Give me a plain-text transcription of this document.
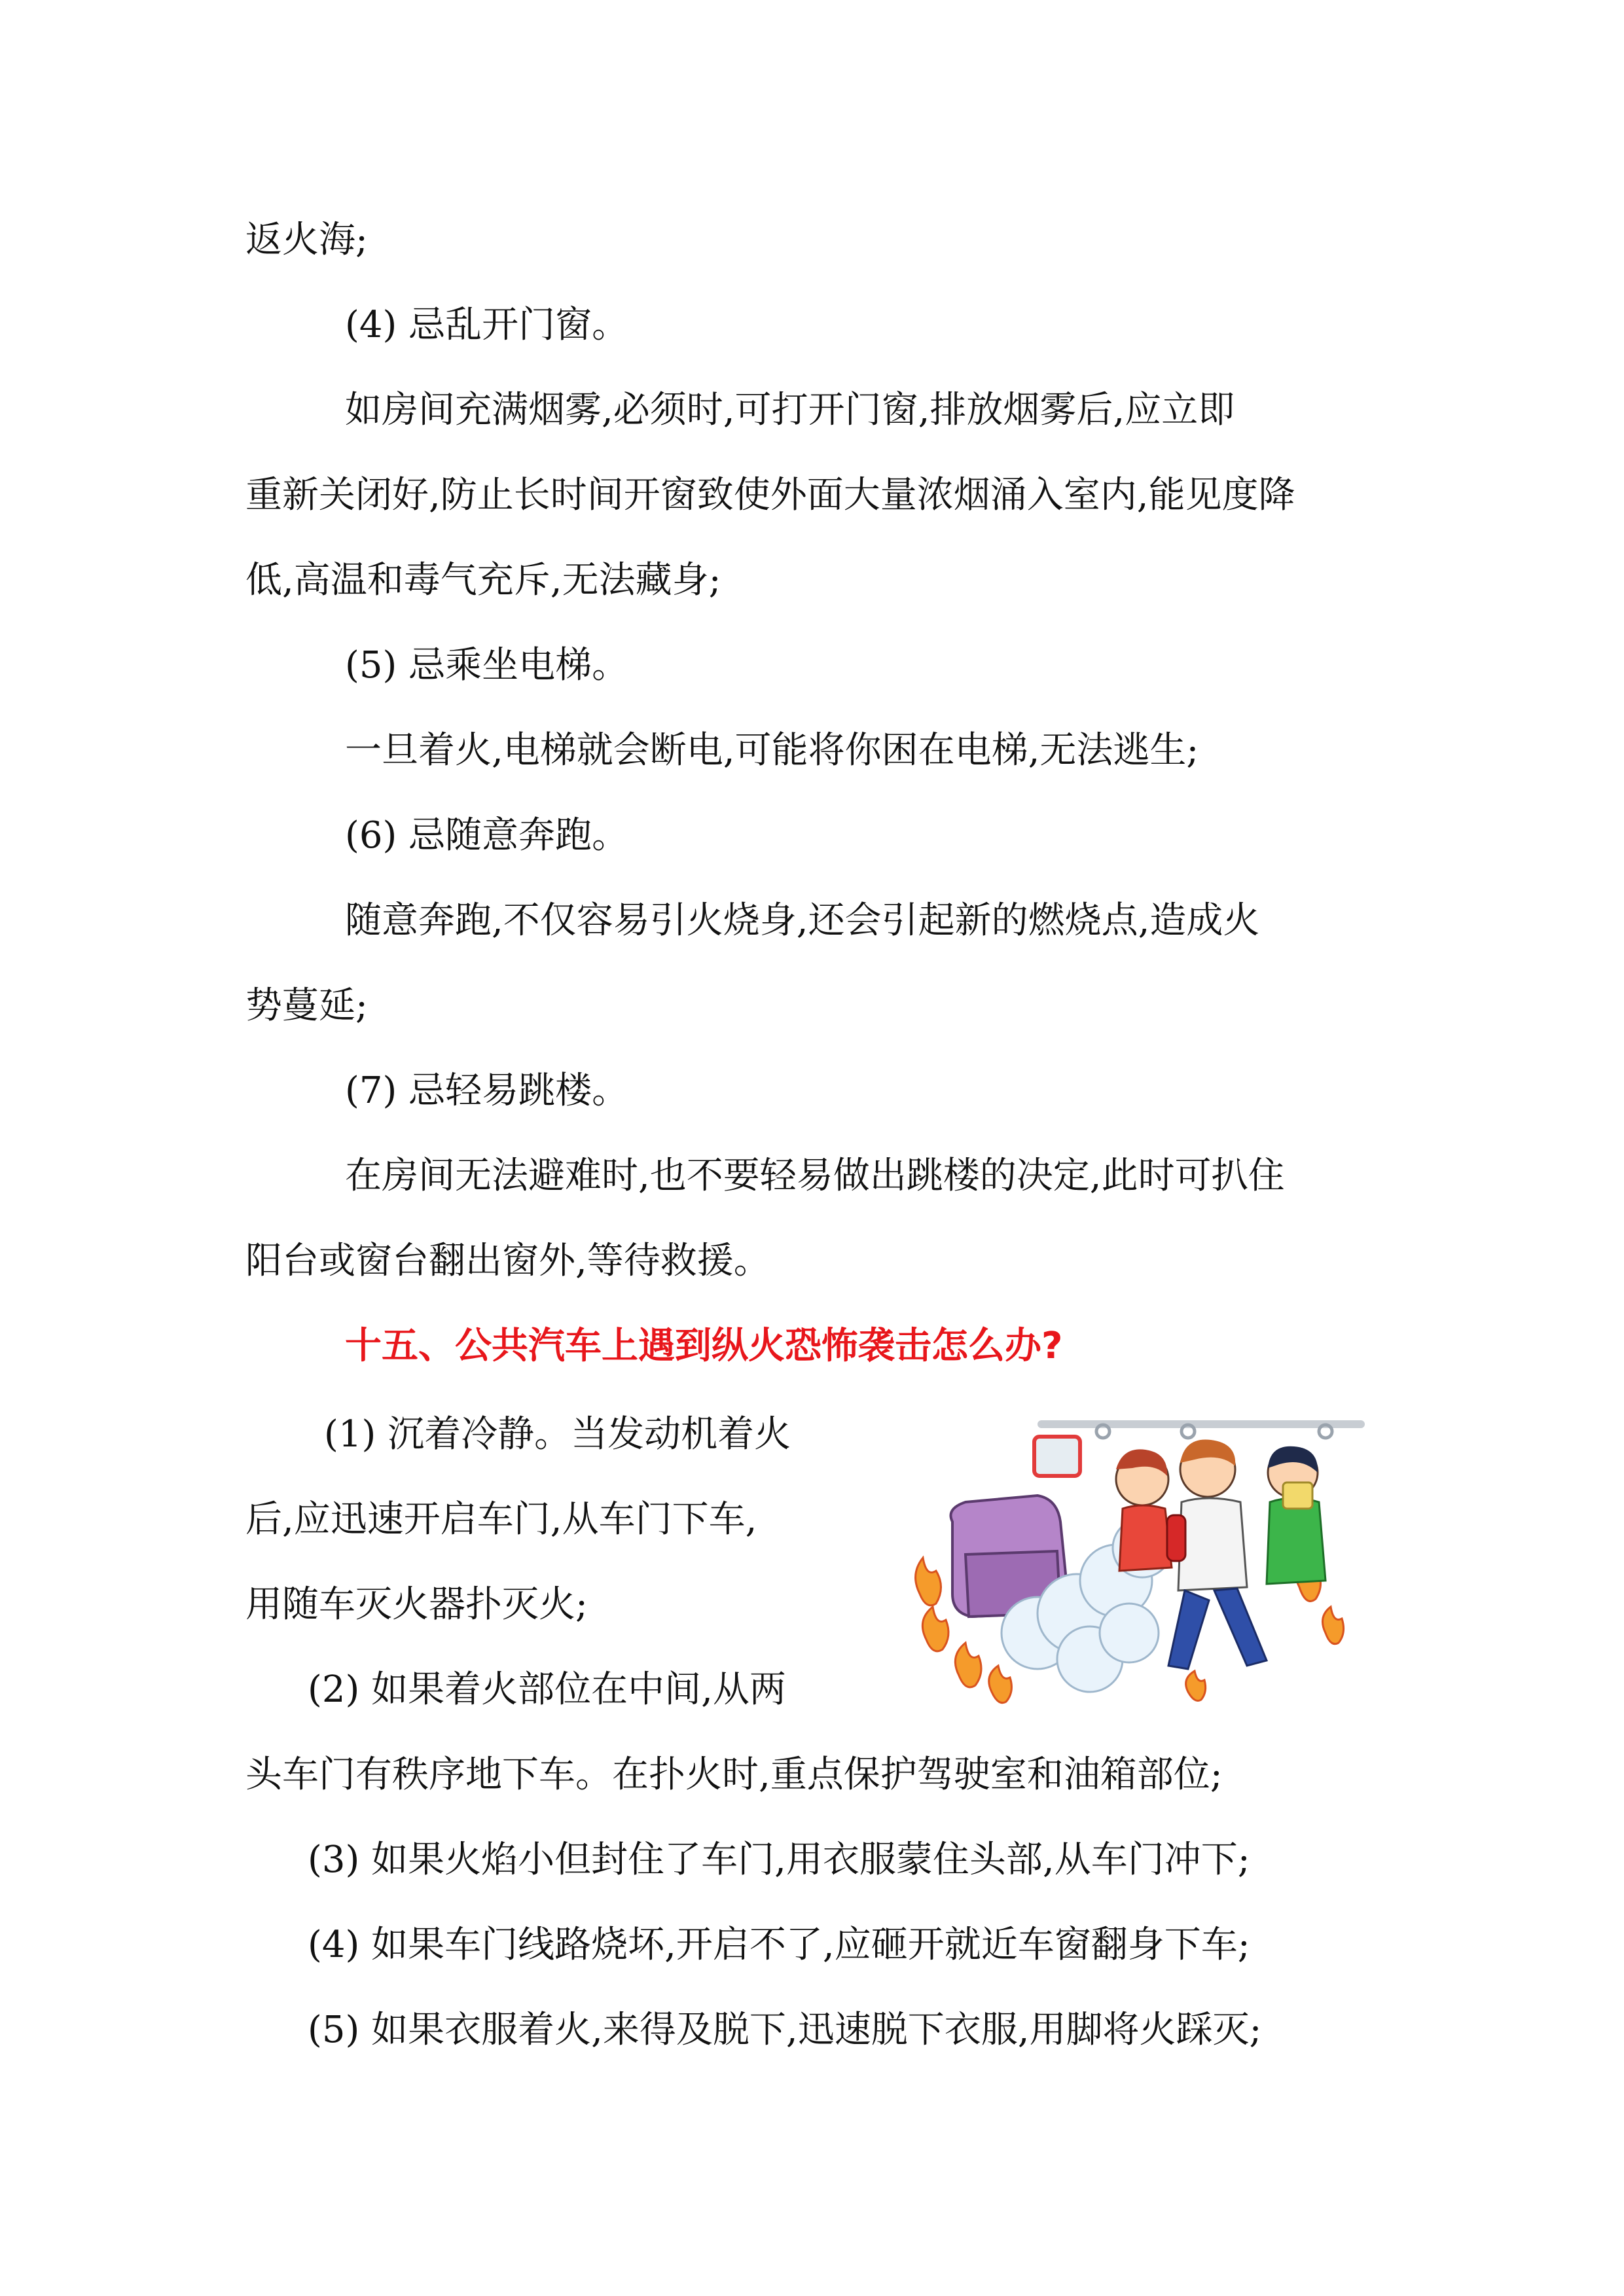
返火海;
(4) 忌乱开门窗。
如房间充满烟雾,必须时,可打开门窗,排放烟雾后,应立即
重新关闭好,防止长时间开窗致使外面大量浓烟涌入室内,能见度降
低,高温和毒气充斥,无法藏身;
(5) 忌乘坐电梯。
一旦着火,电梯就会断电,可能将你困在电梯,无法逃生;
(6) 忌随意奔跑。
随意奔跑,不仅容易引火烧身,还会引起新的燃烧点,造成火
势蔓延;
(7) 忌轻易跳楼。
在房间无法避难时,也不要轻易做出跳楼的决定,此时可扒住
阳台或窗台翻出窗外,等待救援。
十五、公共汽车上遇到纵火恐怖袭击怎么办?
(1) 沉着冷静。当发动机着火
后,应迅速开启车门,从车门下车,
用随车灭火器扑灭火;
(2) 如果着火部位在中间,从两
头车门有秩序地下车。在扑火时,重点保护驾驶室和油箱部位;
(3) 如果火焰小但封住了车门,用衣服蒙住头部,从车门冲下;
(4) 如果车门线路烧坏,开启不了,应砸开就近车窗翻身下车;
(5) 如果衣服着火,来得及脱下,迅速脱下衣服,用脚将火踩灭;
